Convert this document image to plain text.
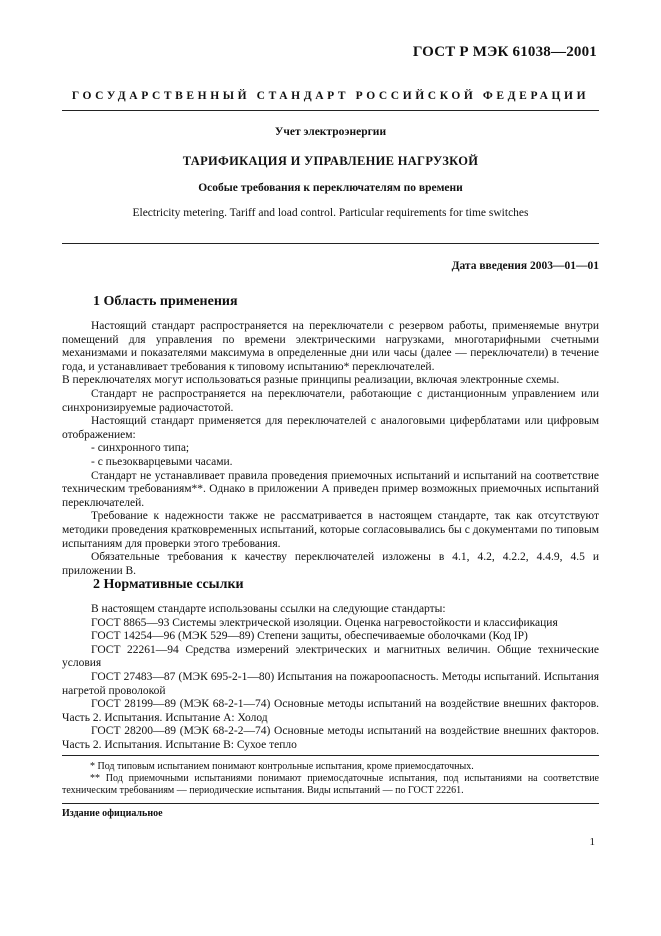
ГОСТ Р МЭК 61038—2001
ГОСУДАРСТВЕННЫЙ СТАНДАРТ РОССИЙСКОЙ ФЕДЕРАЦИИ
Учет электроэнергии
ТАРИФИКАЦИЯ И УПРАВЛЕНИЕ НАГРУЗКОЙ
Особые требования к переключателям по времени
Electricity metering. Tariff and load control. Particular requirements for time switches
Дата введения 2003—01—01
1 Область применения

Настоящий стандарт распространяется на переключатели с резервом работы, применяемые внутри помещений для управления по времени электрическими нагрузками, многотарифными счетными механизмами и показателями максимума в определенные дни или часы (далее — переключатели) в течение года, и устанавливает требования к типовому испытанию* переключателей.

В переключателях могут использоваться разные принципы реализации, включая электронные схемы.

Стандарт не распространяется на переключатели, работающие с дистанционным управлением или синхронизируемые радиочастотой.

Настоящий стандарт применяется для переключателей с аналоговыми циферблатами или цифровым отображением:

- синхронного типа;

- с пьезокварцевыми часами.

Стандарт не устанавливает правила проведения приемочных испытаний и испытаний на соответствие техническим требованиям**. Однако в приложении А приведен пример возможных приемочных испытаний переключателей.

Требование к надежности также не рассматривается в настоящем стандарте, так как отсутствуют методики проведения кратковременных испытаний, которые согласовывались бы с документами по типовым испытаниям для проверки этого требования.

Обязательные требования к качеству переключателей изложены в 4.1, 4.2, 4.2.2, 4.4.9, 4.5 и приложении В.

2 Нормативные ссылки

В настоящем стандарте использованы ссылки на следующие стандарты:

ГОСТ 8865—93 Системы электрической изоляции. Оценка нагревостойкости и классификация

ГОСТ 14254—96 (МЭК 529—89) Степени защиты, обеспечиваемые оболочками (Код IP)

ГОСТ 22261—94 Средства измерений электрических и магнитных величин. Общие технические условия

ГОСТ 27483—87 (МЭК 695-2-1—80) Испытания на пожароопасность. Методы испытаний. Испытания нагретой проволокой

ГОСТ 28199—89 (МЭК 68-2-1—74) Основные методы испытаний на воздействие внешних факторов. Часть 2. Испытания. Испытание А: Холод

ГОСТ 28200—89 (МЭК 68-2-2—74) Основные методы испытаний на воздействие внешних факторов. Часть 2. Испытания. Испытание В: Сухое тепло

* Под типовым испытанием понимают контрольные испытания, кроме приемосдаточных.

** Под приемочными испытаниями понимают приемосдаточные испытания, под испытаниями на соответствие техническим требованиям — периодические испытания. Виды испытаний — по ГОСТ 22261.

Издание официальное
1
